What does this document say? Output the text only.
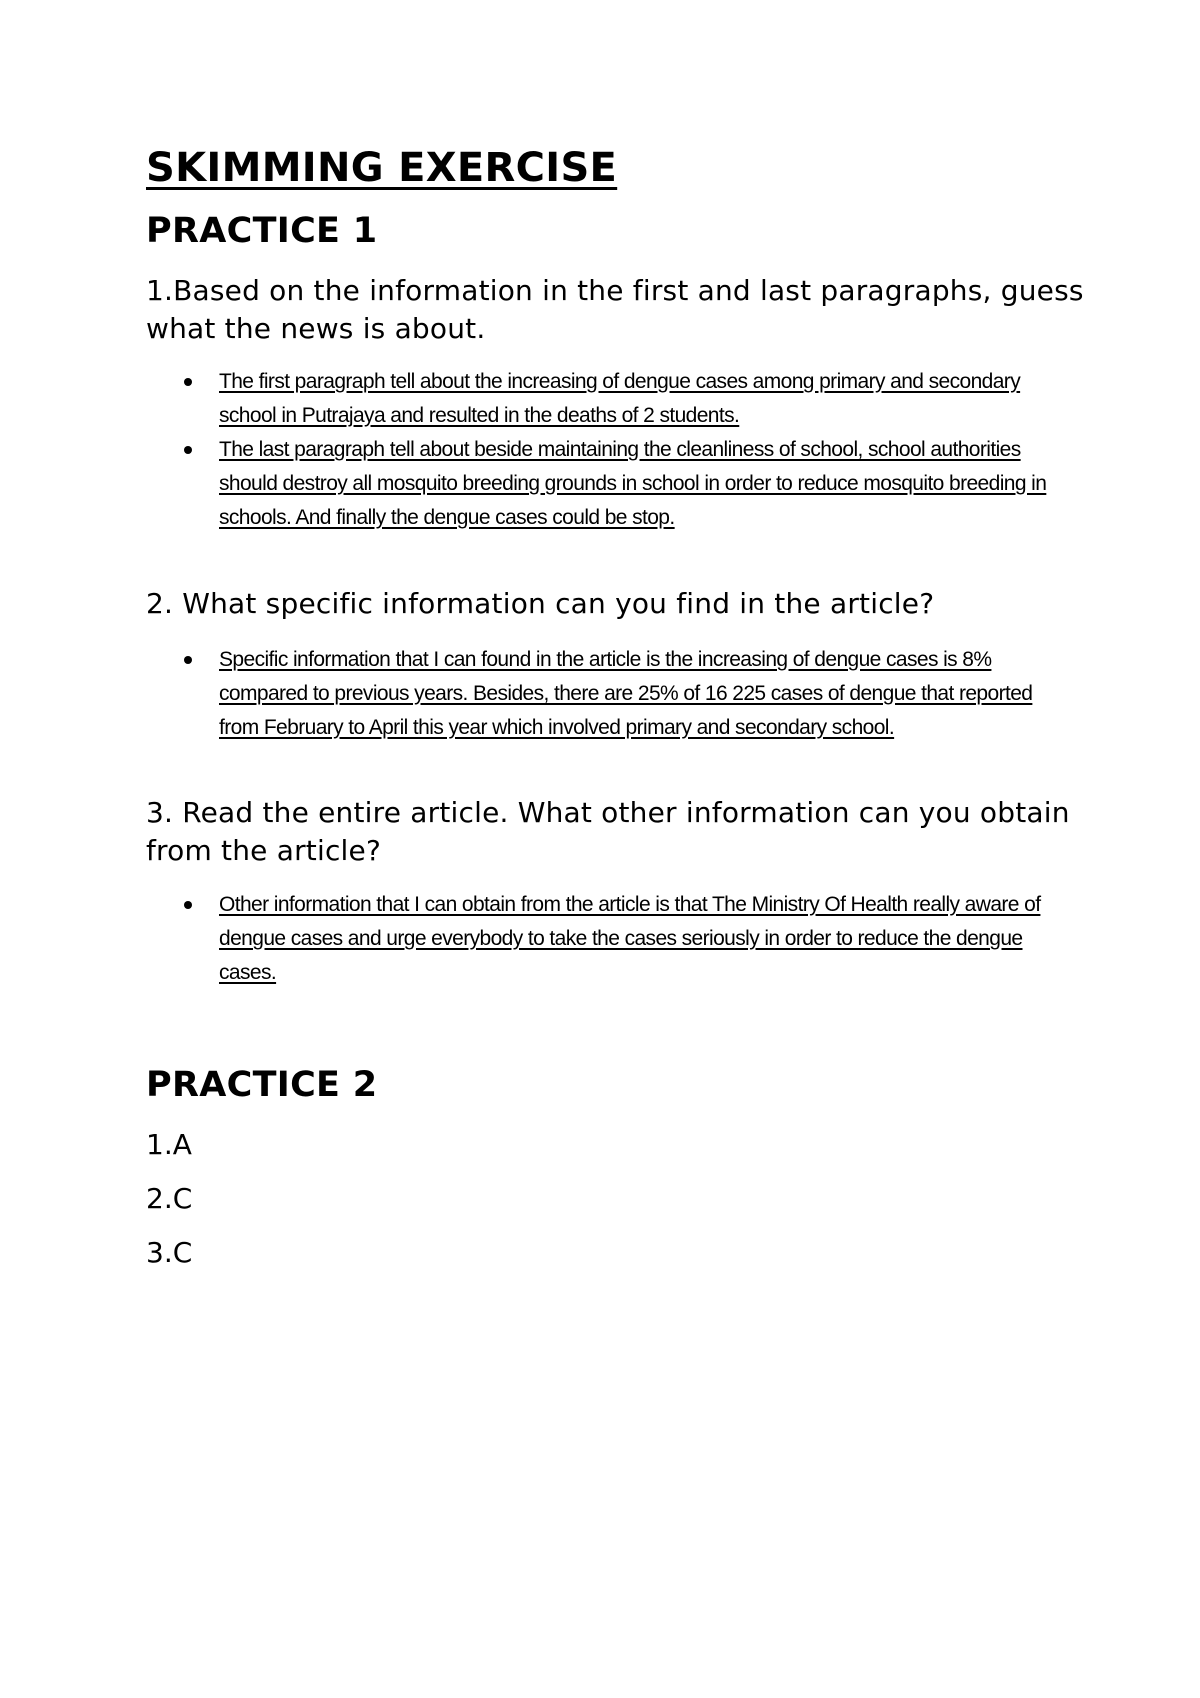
SKIMMING EXERCISE
PRACTICE 1

1.Based on the information in the first and last paragraphs, guess what the news is about.

The first paragraph tell about the increasing of dengue cases among primary and secondary school in Putrajaya and resulted in the deaths of 2 students.
The last paragraph tell about beside maintaining the cleanliness of school, school authorities should destroy all mosquito breeding grounds in school in order to reduce mosquito breeding in schools. And finally the dengue cases could be stop.

2. What specific information can you find in the article?

Specific information that I can found in the article is the increasing of dengue cases is 8% compared to previous years. Besides, there are 25% of 16 225 cases of dengue that reported from February to April this year which involved primary and secondary school.

3. Read the entire article. What other information can you obtain from the article?

Other information that I can obtain from the article is that The Ministry Of Health really aware of dengue cases and urge everybody to take the cases seriously in order to reduce the dengue cases.
PRACTICE 2

1.A

2.C

3.C
